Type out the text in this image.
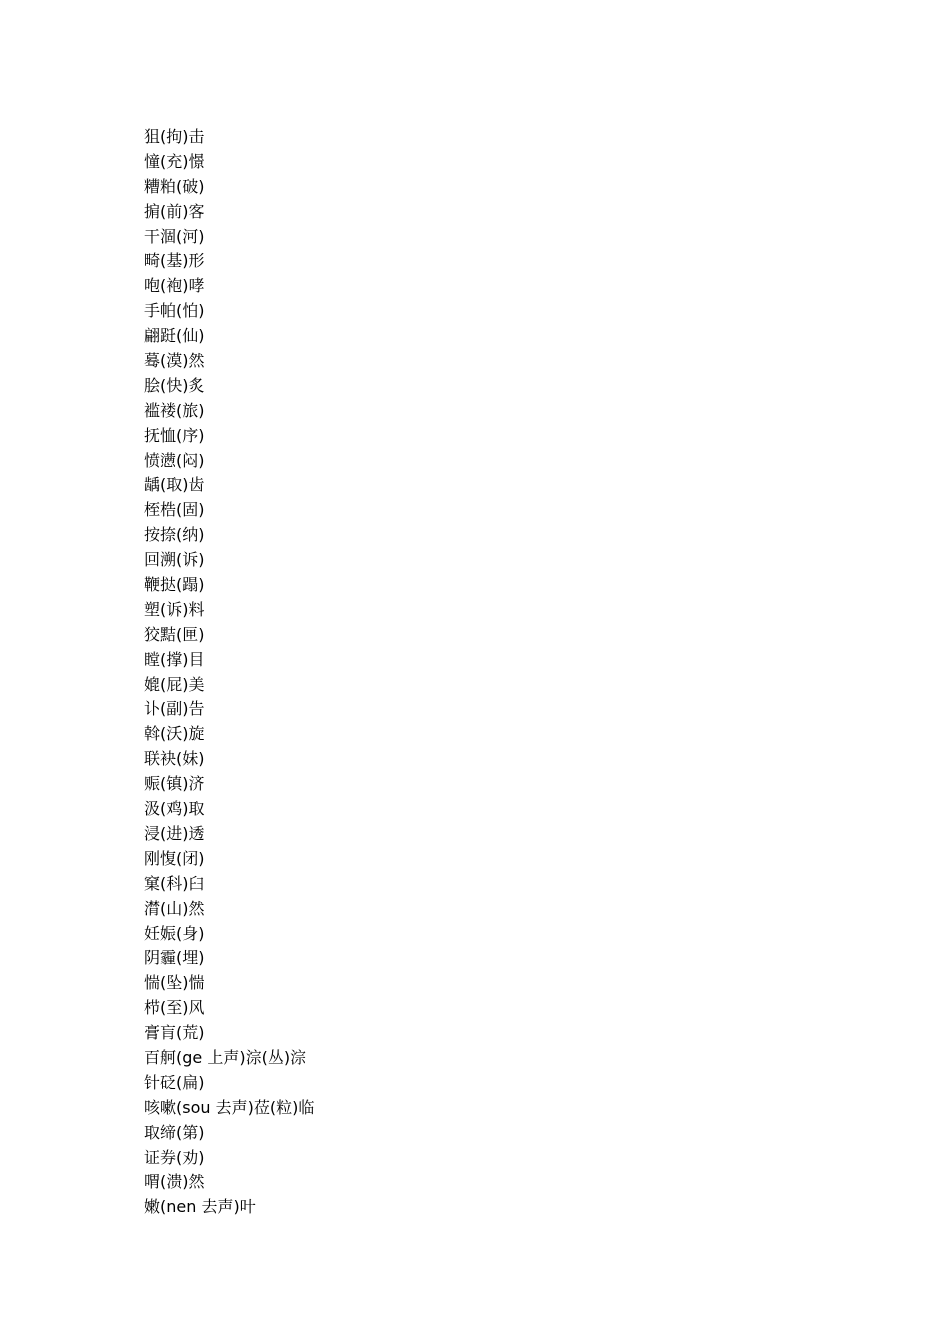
狙(拘)击
憧(充)憬
糟粕(破)
掮(前)客
干涸(河)
畸(基)形
咆(袍)哮
手帕(怕)
翩跹(仙)
蓦(漠)然
脍(快)炙
褴褛(旅)
抚恤(序)
愤懑(闷)
龋(取)齿
桎梏(固)
按捺(纳)
回溯(诉)
鞭挞(蹋)
塑(诉)料
狡黠(匣)
瞠(撑)目
媲(屁)美
讣(副)告
斡(沃)旋
联袂(妹)
赈(镇)济
汲(鸡)取
浸(进)透
刚愎(闭)
窠(科)臼
潸(山)然
妊娠(身)
阴霾(埋)
惴(坠)惴
栉(至)风
膏肓(荒)
百舸(ge 上声)淙(丛)淙
针砭(扁)
咳嗽(sou 去声)莅(粒)临
取缔(第)
证券(劝)
喟(溃)然
嫩(nen 去声)叶
